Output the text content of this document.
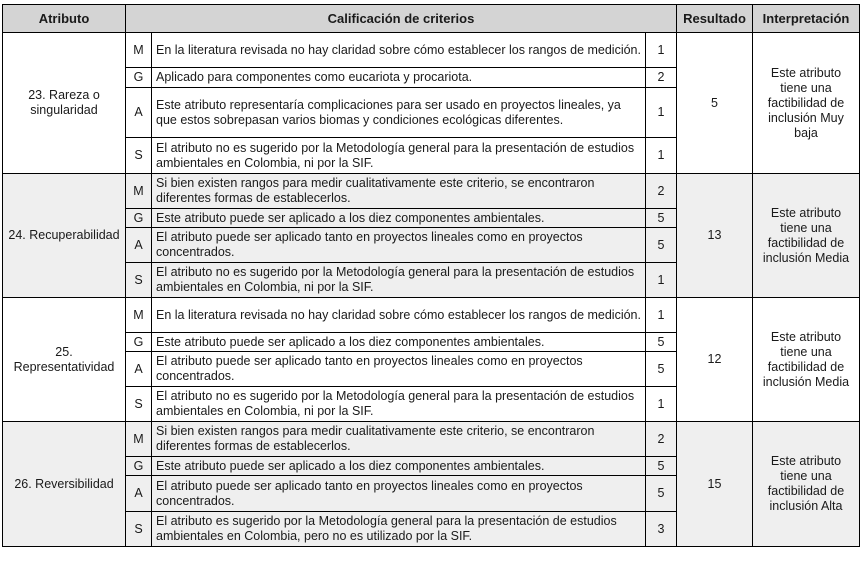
Atributo	Calificación de criterios			Resultado	Interpretación
23. Rareza o singularidad	M	En la literatura revisada no hay claridad sobre cómo establecer los rangos de medición.	1	5	Este atributo tiene una factibilidad de inclusión Muy baja
	G	Aplicado para componentes como eucariota y procariota.	2		
	A	Este atributo representaría complicaciones para ser usado en proyectos lineales, ya que estos sobrepasan varios biomas y condiciones ecológicas diferentes.	1		
	S	El atributo no es sugerido por la Metodología general para la presentación de estudios ambientales en Colombia, ni por la SIF.	1		
24. Recuperabilidad	M	Si bien existen rangos para medir cualitativamente este criterio, se encontraron diferentes formas de establecerlos.	2	13	Este atributo tiene una factibilidad de inclusión Media
	G	Este atributo puede ser aplicado a los diez componentes ambientales.	5		
	A	El atributo puede ser aplicado tanto en proyectos lineales como en proyectos concentrados.	5		
	S	El atributo no es sugerido por la Metodología general para la presentación de estudios ambientales en Colombia, ni por la SIF.	1		
25. Representatividad	M	En la literatura revisada no hay claridad sobre cómo establecer los rangos de medición.	1	12	Este atributo tiene una factibilidad de inclusión Media
	G	Este atributo puede ser aplicado a los diez componentes ambientales.	5		
	A	El atributo puede ser aplicado tanto en proyectos lineales como en proyectos concentrados.	5		
	S	El atributo no es sugerido por la Metodología general para la presentación de estudios ambientales en Colombia, ni por la SIF.	1		
26. Reversibilidad	M	Si bien existen rangos para medir cualitativamente este criterio, se encontraron diferentes formas de establecerlos.	2	15	Este atributo tiene una factibilidad de inclusión Alta
	G	Este atributo puede ser aplicado a los diez componentes ambientales.	5		
	A	El atributo puede ser aplicado tanto en proyectos lineales como en proyectos concentrados.	5		
	S	El atributo es sugerido por la Metodología general para la presentación de estudios ambientales en Colombia, pero no es utilizado por la SIF.	3		
